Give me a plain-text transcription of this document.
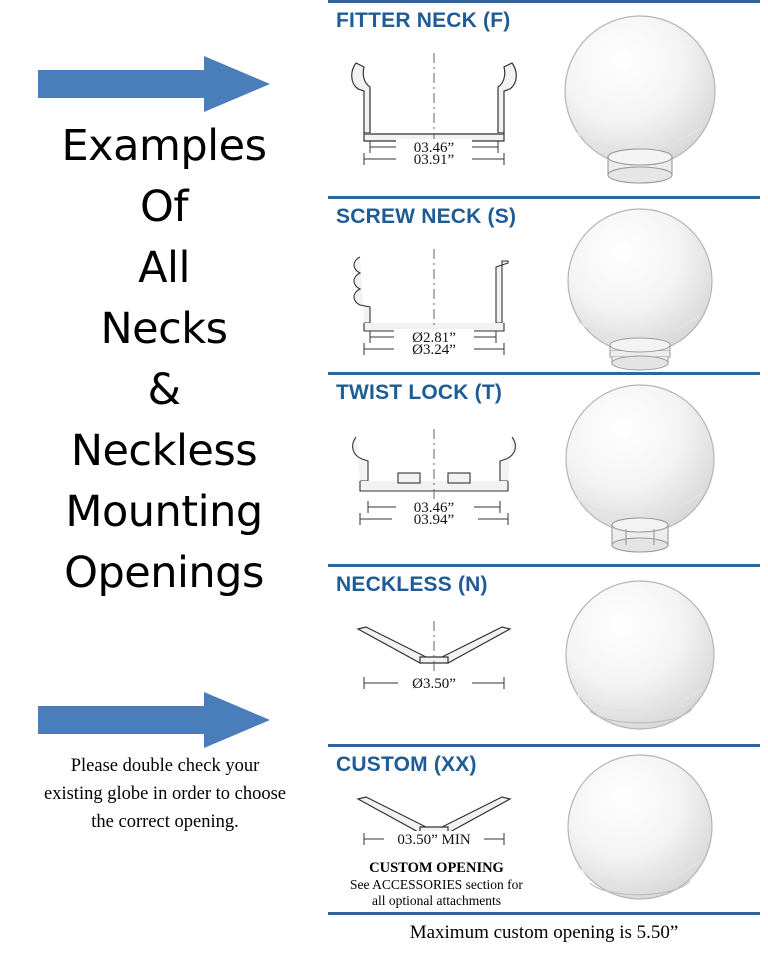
Examples
Of
All
Necks
&
Neckless
Mounting
Openings
Please double check your existing globe in order to choose the correct opening.
FITTER NECK (F)
03.46”
03.91”
SCREW NECK (S)
Ø2.81”
Ø3.24”
TWIST LOCK (T)
03.46”
03.94”
NECKLESS (N)
Ø3.50”
CUSTOM (XX)
03.50” MIN
CUSTOM OPENING
See ACCESSORIES section for
all optional attachments
Maximum custom opening is 5.50”
